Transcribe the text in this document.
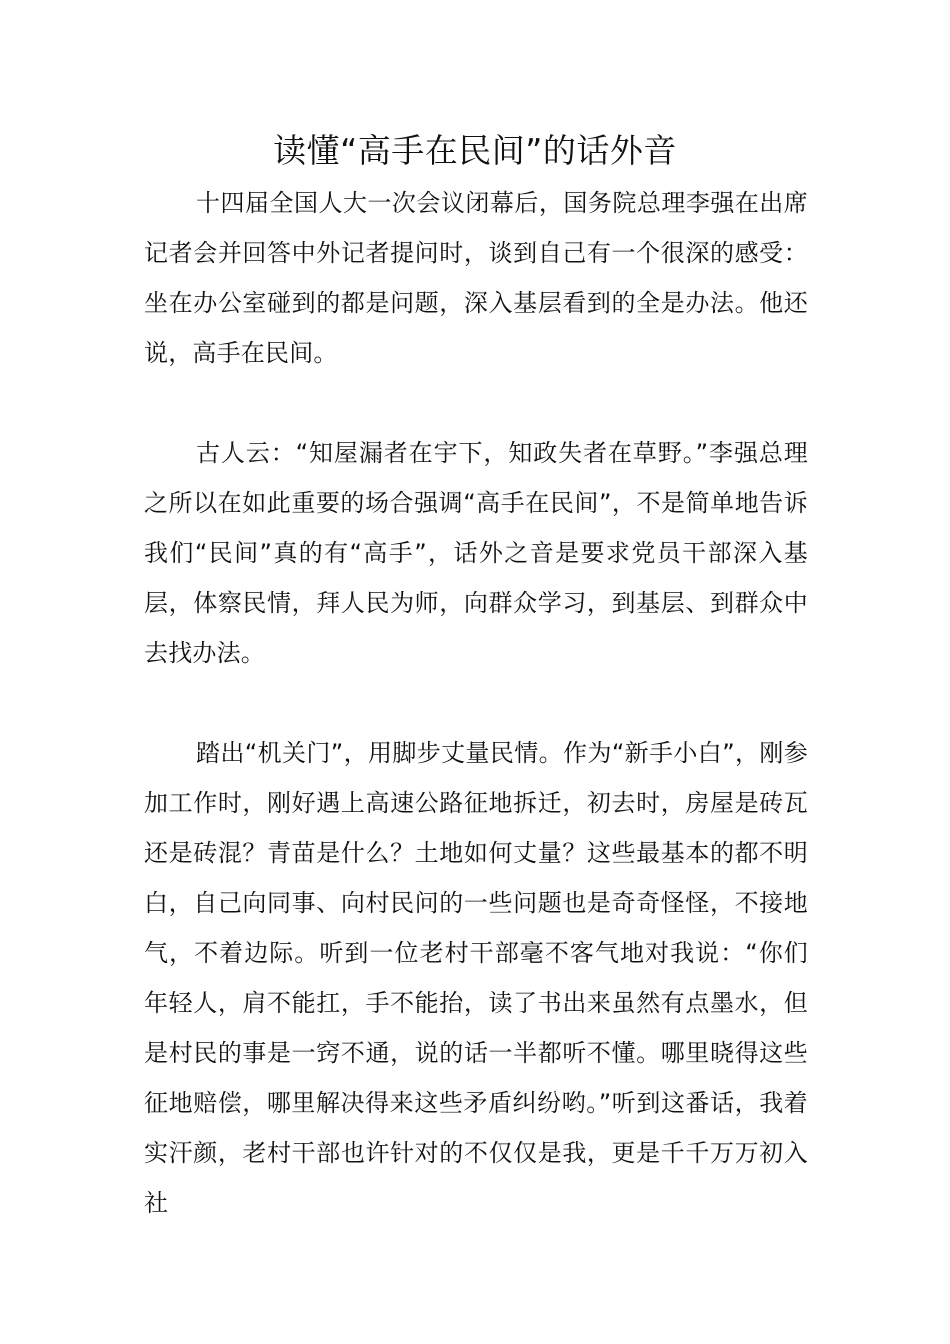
读懂“高手在民间”的话外音

十四届全国人大一次会议闭幕后，国务院总理李强在出席记者会并回答中外记者提问时，谈到自己有一个很深的感受：坐在办公室碰到的都是问题，深入基层看到的全是办法。他还说，高手在民间。

古人云：“知屋漏者在宇下，知政失者在草野。”李强总理之所以在如此重要的场合强调“高手在民间”，不是简单地告诉我们“民间”真的有“高手”，话外之音是要求党员干部深入基层，体察民情，拜人民为师，向群众学习，到基层、到群众中去找办法。

踏出“机关门”，用脚步丈量民情。作为“新手小白”，刚参加工作时，刚好遇上高速公路征地拆迁，初去时，房屋是砖瓦还是砖混？青苗是什么？土地如何丈量？这些最基本的都不明白，自己向同事、向村民问的一些问题也是奇奇怪怪，不接地气，不着边际。听到一位老村干部毫不客气地对我说：“你们年轻人，肩不能扛，手不能抬，读了书出来虽然有点墨水，但是村民的事是一窍不通，说的话一半都听不懂。哪里晓得这些征地赔偿，哪里解决得来这些矛盾纠纷哟。”听到这番话，我着实汗颜，老村干部也许针对的不仅仅是我，更是千千万万初入社
